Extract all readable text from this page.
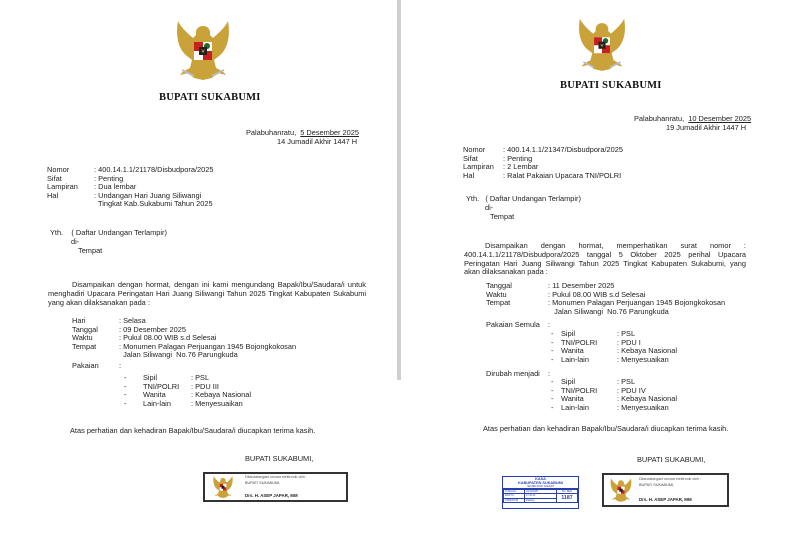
BUPATI SUKABUMI
Palabuhanratu, 5 Desember 2025
14 Jumadil Akhir 1447 H
Nomor	: 400.14.1.1/21178/Disbudpora/2025
Sifat	: Penting
Lampiran	: Dua lembar
Hal	: Undangan Hari Juang Siliwangi
	Tingkat Kab.Sukabumi Tahun 2025
Yth. ( Daftar Undangan Terlampir)
di-
Tempat
Disampaikan dengan hormat, dengan ini kami mengundang Bapak/Ibu/Saudara/i untuk menghadiri Upacara Peringatan Hari Juang Siliwangi Tahun 2025 Tingkat Kabupaten Sukabumi yang akan dilaksanakan pada :
Hari	: Selasa
Tanggal	: 09 Desember 2025
Waktu	: Pukul 08.00 WIB s.d Selesai
Tempat	: Monumen Palagan Perjuangan 1945 Bojongkokosan
	Jalan Siliwangi  No.76 Parungkuda
Pakaian	:
-	Sipil	: PSL
-	TNI/POLRI	: PDU III
-	Wanita	: Kebaya Nasional
-	Lain-lain	: Menyesuaikan
Atas perhatian dan kehadiran Bapak/Ibu/Saudara/i diucapkan terima kasih.
BUPATI SUKABUMI,
Ditandatangani secara elektronik oleh :
BUPATI SUKABUMI,
Drs. H. ASEP JAPAR, MM
BUPATI SUKABUMI
Palabuhanratu, 10 Desember 2025
19 Jumadil Akhir 1447 H
Nomor	: 400.14.1.1/21347/Disbudpora/2025
Sifat	: Penting
Lampiran	: 2 Lembar
Hal	: Ralat Pakaian Upacara TNI/POLRI
Yth. ( Daftar Undangan Terlampir)
di-
Tempat
Disampaikan dengan hormat, memperhatikan surat nomor : 400.14.1.1/21178/Disbudpora/2025 tanggal 5 Oktober 2025 perihal Upacara Peringatan Hari Juang Siliwangi Tahun 2025 Tingkat Kabupaten Sukabumi, yang akan dilaksanakan pada :
Tanggal	: 11 Desember 2025
Waktu	: Pukul 08.00 WIB s.d Selesai
Tempat	: Monumen Palagan Perjuangan 1945 Bojongkokosan
	Jalan Siliwangi  No.76 Parungkuda
Pakaian Semula :
-	Sipil	: PSL
-	TNI/POLRI	: PDU I
-	Wanita	: Kebaya Nasional
-	Lain-lain	: Menyesuaikan
Dirubah menjadi :
-	Sipil	: PSL
-	TNI/POLRI	: PDU IV
-	Wanita	: Kebaya Nasional
-	Lain-lain	: Menyesuaikan
Atas perhatian dan kehadiran Bapak/Ibu/Saudara/i diucapkan terima kasih.
BUPATI SUKABUMI,
KASA
KABUPATEN SUKABUMI
SEKRETARIAT DAERAH
TANGGAL	10/12/2025	NO. REG
WAKTU	17.22.42	1187
OPERATOR	Dadang	
Ditandatangani secara elektronik oleh :
BUPATI SUKABUMI,
Drs. H. ASEP JAPAR, MM
